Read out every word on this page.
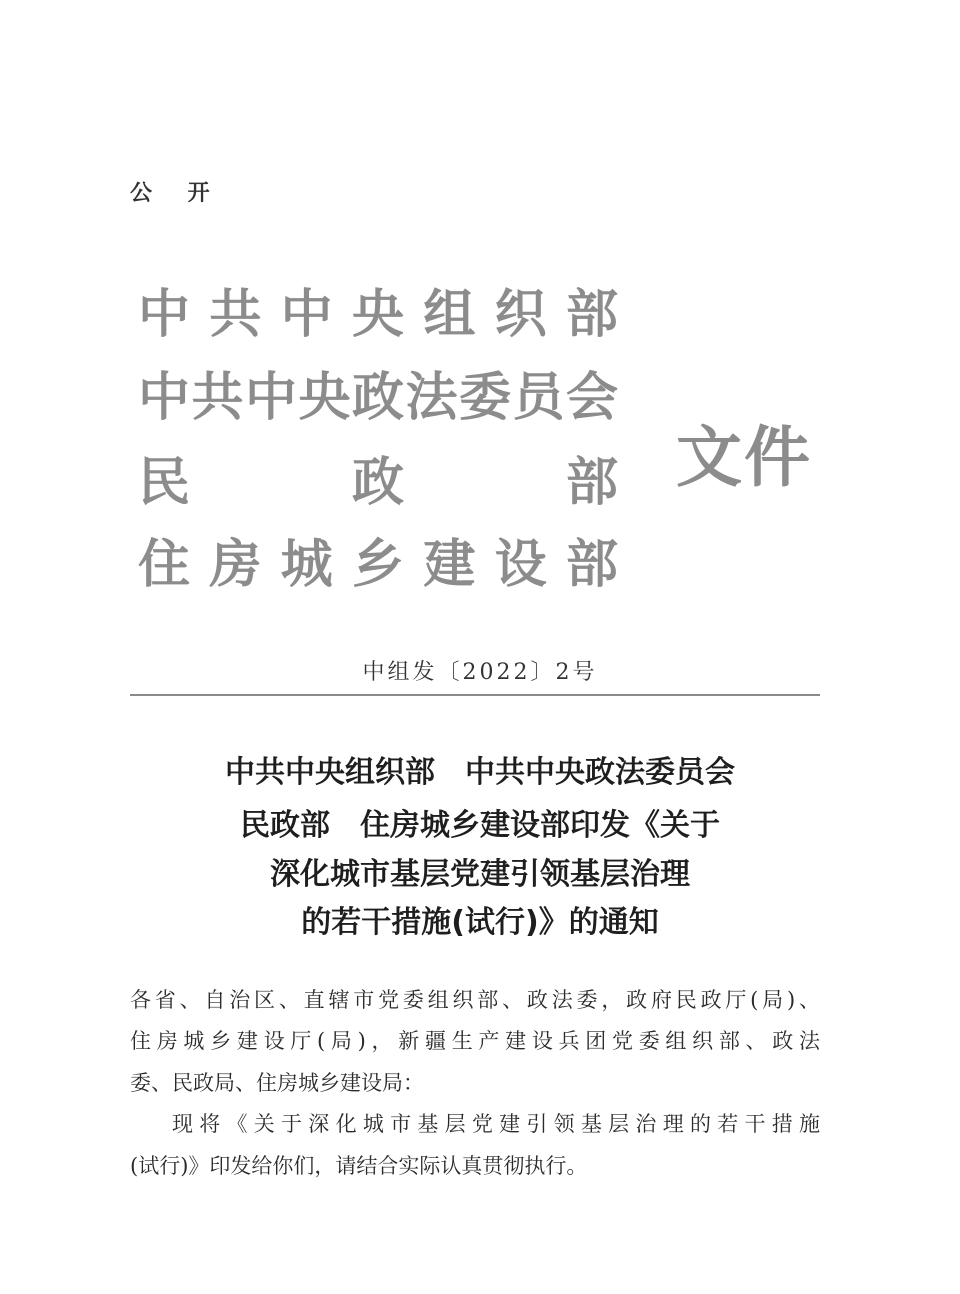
公 开
中共中央组织部
中共中央政法委员会
民政部
住房城乡建设部
文件
中组发〔2022〕2号
中共中央组织部　中共中央政法委员会
民政部　住房城乡建设部印发《关于
深化城市基层党建引领基层治理
的若干措施(试行)》的通知
各省、自治区、直辖市党委组织部、政法委，政府民政厅(局)、
住房城乡建设厅(局)，新疆生产建设兵团党委组织部、政法
委、民政局、住房城乡建设局：
现将《关于深化城市基层党建引领基层治理的若干措施
(试行)》印发给你们，请结合实际认真贯彻执行。
